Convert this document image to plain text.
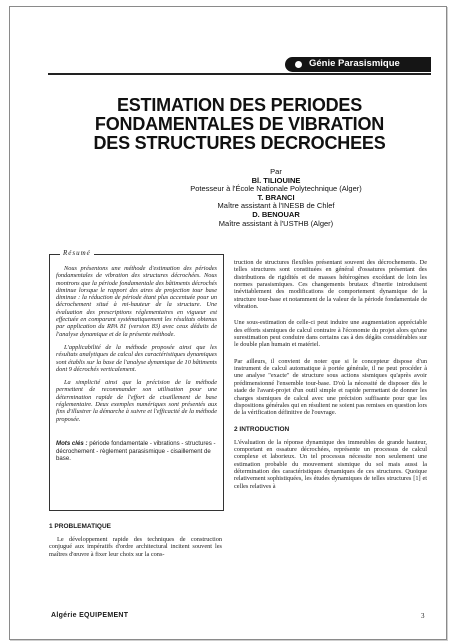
Génie Parasismique
ESTIMATION DES PERIODES
FONDAMENTALES DE VIBRATION
DES STRUCTURES DECROCHEES
Par
Bl. TILIOUINE
Potesseur à l'École Nationale Polytechnique (Alger)
T. BRANCI
Maître assistant à l'INESB de Chlef
D. BENOUAR
Maître assistant à l'USTHB (Alger)
Résumé

Nous présentons une méthode d'estimation des périodes fondamentales de vibration des structures décrochées. Nous montrons que la période fondamentale des bâtiments décrochés diminue lorsque le rapport des aires de projection tour base diminue : la réduction de période étant plus accentuée pour un décrochement situé à mi-hauteur de la structure. Une évaluation des prescriptions réglementaires en vigueur est effectuée en comparant systématiquement les résultats obtenus par application du RPA 81 (version 83) avec ceux déduits de l'analyse dynamique et de la présente méthode.

L'applicabilité de la méthode proposée ainsi que les résultats analytiques de calcul des caractéristiques dynamiques sont établis sur la base de l'analyse dynamique de 10 bâtiments dont 9 décrochés verticalement.

La simplicité ainsi que la précision de la méthode permettent de recommander son utilisation pour une détermination rapide de l'effort de cisaillement de base réglementaire. Deux exemples numériques sont présentés aux fins d'illustrer la démarche à suivre et l'efficacité de la méthode proposée.

Mots clés : période fondamentale - vibrations - structures - décrochement - règlement parasismique - cisaillement de base.
1 PROBLEMATIQUE

Le développement rapide des techniques de construction conjugué aux impératifs d'ordre architectural incitent souvent les maîtres d'œuvre à fixer leur choix sur la cons-

truction de structures flexibles présentant souvent des décrochements. De telles structures sont constituées en général d'ossatures présentant des distributions de rigidités et de masses hétérogènes excédant de loin les normes parasismiques. Ces changements brutaux d'inertie introduisent inévitablement des modifications de comportement dynamique de la structure tour-base et notamment de la valeur de la période fondamentale de vibration.

Une sous-estimation de celle-ci peut induire une augmentation appréciable des efforts sismiques de calcul contraire à l'économie du projet alors qu'une surestimation peut conduire dans certains cas à des dégâts considérables sur le double plan humain et matériel.

Par ailleurs, il convient de noter que si le concepteur dispose d'un instrument de calcul automatique à portée générale, il ne peut procéder à une analyse "exacte" de structure sous actions sismiques qu'après avoir prédimensionné l'ensemble tour-base. D'où la nécessité de disposer dès le stade de l'avant-projet d'un outil simple et rapide permettant de donner les charges sismiques de calcul avec une précision suffisante pour que les dispositions générales qui en résultent ne soient pas remises en question lors de la vérification définitive de l'ouvrage.

2 INTRODUCTION

L'évaluation de la réponse dynamique des immeubles de grande hauteur, comportant en ossature décrochées, représente un processus de calcul complexe et laborieux. Un tel processus nécessite non seulement une estimation probable du mouvement sismique du sol mais aussi la détermination des caractéristiques dynamiques de ces structures. Quoique relativement sophistiquées, les études dynamiques de telles structures [1] et celles relatives à

Algérie EQUIPEMENT	3
